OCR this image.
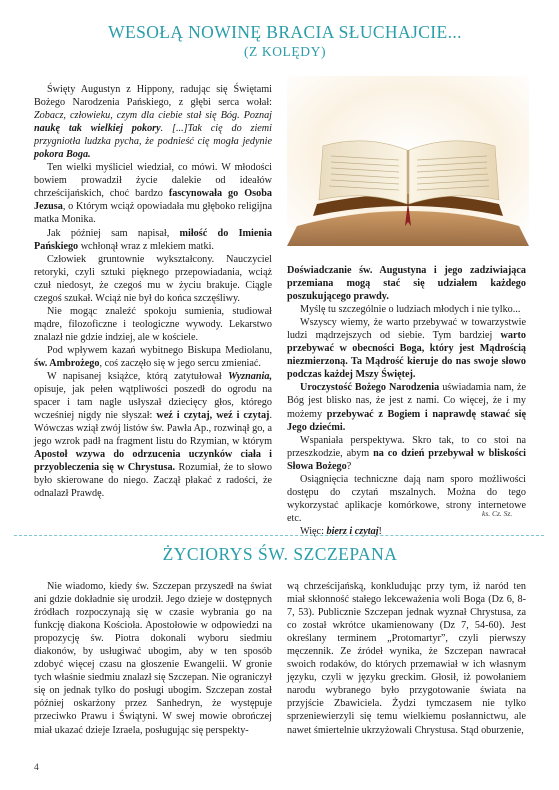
WESOŁĄ NOWINĘ BRACIA SŁUCHAJCIE...
(Z KOLĘDY)

Święty Augustyn z Hippony, radując się Świętami Bożego Narodzenia Pańskiego, z głębi serca wołał: Zobacz, człowieku, czym dla ciebie stał się Bóg. Poznaj naukę tak wielkiej pokory. [...]Tak cię do ziemi przygniotła ludzka pycha, że podnieść cię mogła jedynie pokora Boga.

Ten wielki myśliciel wiedział, co mówi. W młodości bowiem prowadził życie dalekie od ideałów chrześcijańskich, choć bardzo fascynowała go Osoba Jezusa, o Którym wciąż opowiadała mu głęboko religijna matka Monika.

Jak później sam napisał, miłość do Imienia Pańskiego wchłonął wraz z mlekiem matki.

Człowiek gruntownie wykształcony. Nauczyciel retoryki, czyli sztuki pięknego przepowiadania, wciąż czuł niedosyt, że czegoś mu w życiu brakuje. Ciągle czegoś szukał. Wciąż nie był do końca szczęśliwy.

Nie mogąc znaleźć spokoju sumienia, studiował mądre, filozoficzne i teologiczne wywody. Lekarstwo znalazł nie gdzie indziej, ale w kościele.

Pod wpływem kazań wybitnego Biskupa Mediolanu, św. Ambrożego, coś zaczęło się w jego sercu zmieniać.

W napisanej książce, którą zatytułował Wyznania, opisuje, jak pełen wątpliwości poszedł do ogrodu na spacer i tam nagle usłyszał dziecięcy głos, którego wcześniej nigdy nie słyszał: weź i czytaj, weź i czytaj. Wówczas wziął zwój listów św. Pawła Ap., rozwinął go, a jego wzrok padł na fragment listu do Rzymian, w którym Apostoł wzywa do odrzucenia uczynków ciała i przyobleczenia się w Chrystusa. Rozumiał, że to słowo było skierowane do niego. Zaczął płakać z radości, że odnalazł Prawdę.

Doświadczanie św. Augustyna i jego zadziwiająca przemiana mogą stać się udziałem każdego poszukującego prawdy.

Myślę tu szczególnie o ludziach młodych i nie tylko...

Wszyscy wiemy, że warto przebywać w towarzystwie ludzi mądrzejszych od siebie. Tym bardziej warto przebywać w obecności Boga, który jest Mądrością niezmierzoną. Ta Mądrość kieruje do nas swoje słowo podczas każdej Mszy Świętej.

Uroczystość Bożego Narodzenia uświadamia nam, że Bóg jest blisko nas, że jest z nami. Co więcej, że i my możemy przebywać z Bogiem i naprawdę stawać się Jego dziećmi.

Wspaniała perspektywa. Skro tak, to co stoi na przeszkodzie, abym na co dzień przebywał w bliskości Słowa Bożego?

Osiągnięcia techniczne dają nam sporo możliwości dostępu do czytań mszalnych. Można do tego wykorzystać aplikacje komórkowe, strony internetowe etc.

Więc: bierz i czytaj!

ks. Cz. Sz.
ŻYCIORYS ŚW. SZCZEPANA

Nie wiadomo, kiedy św. Szczepan przyszedł na świat ani gdzie dokładnie się urodził. Jego dzieje w dostępnych źródłach rozpoczynają się w czasie wybrania go na funkcję diakona Kościoła. Apostołowie w odpowiedzi na propozycję św. Piotra dokonali wyboru siedmiu diakonów, by usługiwać ubogim, aby w ten sposób zdobyć więcej czasu na głoszenie Ewangelii. W gronie tych właśnie siedmiu znalazł się Szczepan. Nie ograniczył się on jednak tylko do posługi ubogim. Szczepan został później oskarżony przez Sanhedryn, że występuje przeciwko Prawu i Świątyni. W swej mowie obrończej miał ukazać dzieje Izraela, posługując się perspekty-

wą chrześcijańską, konkludując przy tym, iż naród ten miał skłonność stałego lekceważenia woli Boga (Dz 6, 8-7, 53). Publicznie Szczepan jednak wyznał Chrystusa, za co został wkrótce ukamienowany (Dz 7, 54-60). Jest określany terminem „Protomartyr”, czyli pierwszy męczennik. Ze źródeł wynika, że Szczepan nawracał swoich rodaków, do których przemawiał w ich własnym języku, czyli w języku greckim. Głosił, iż powołaniem narodu wybranego było przygotowanie świata na przyjście Zbawiciela. Żydzi tymczasem nie tylko sprzeniewierzyli się temu wielkiemu posłannictwu, ale nawet śmiertelnie ukrzyżowali Chrystusa. Stąd oburzenie,

4
